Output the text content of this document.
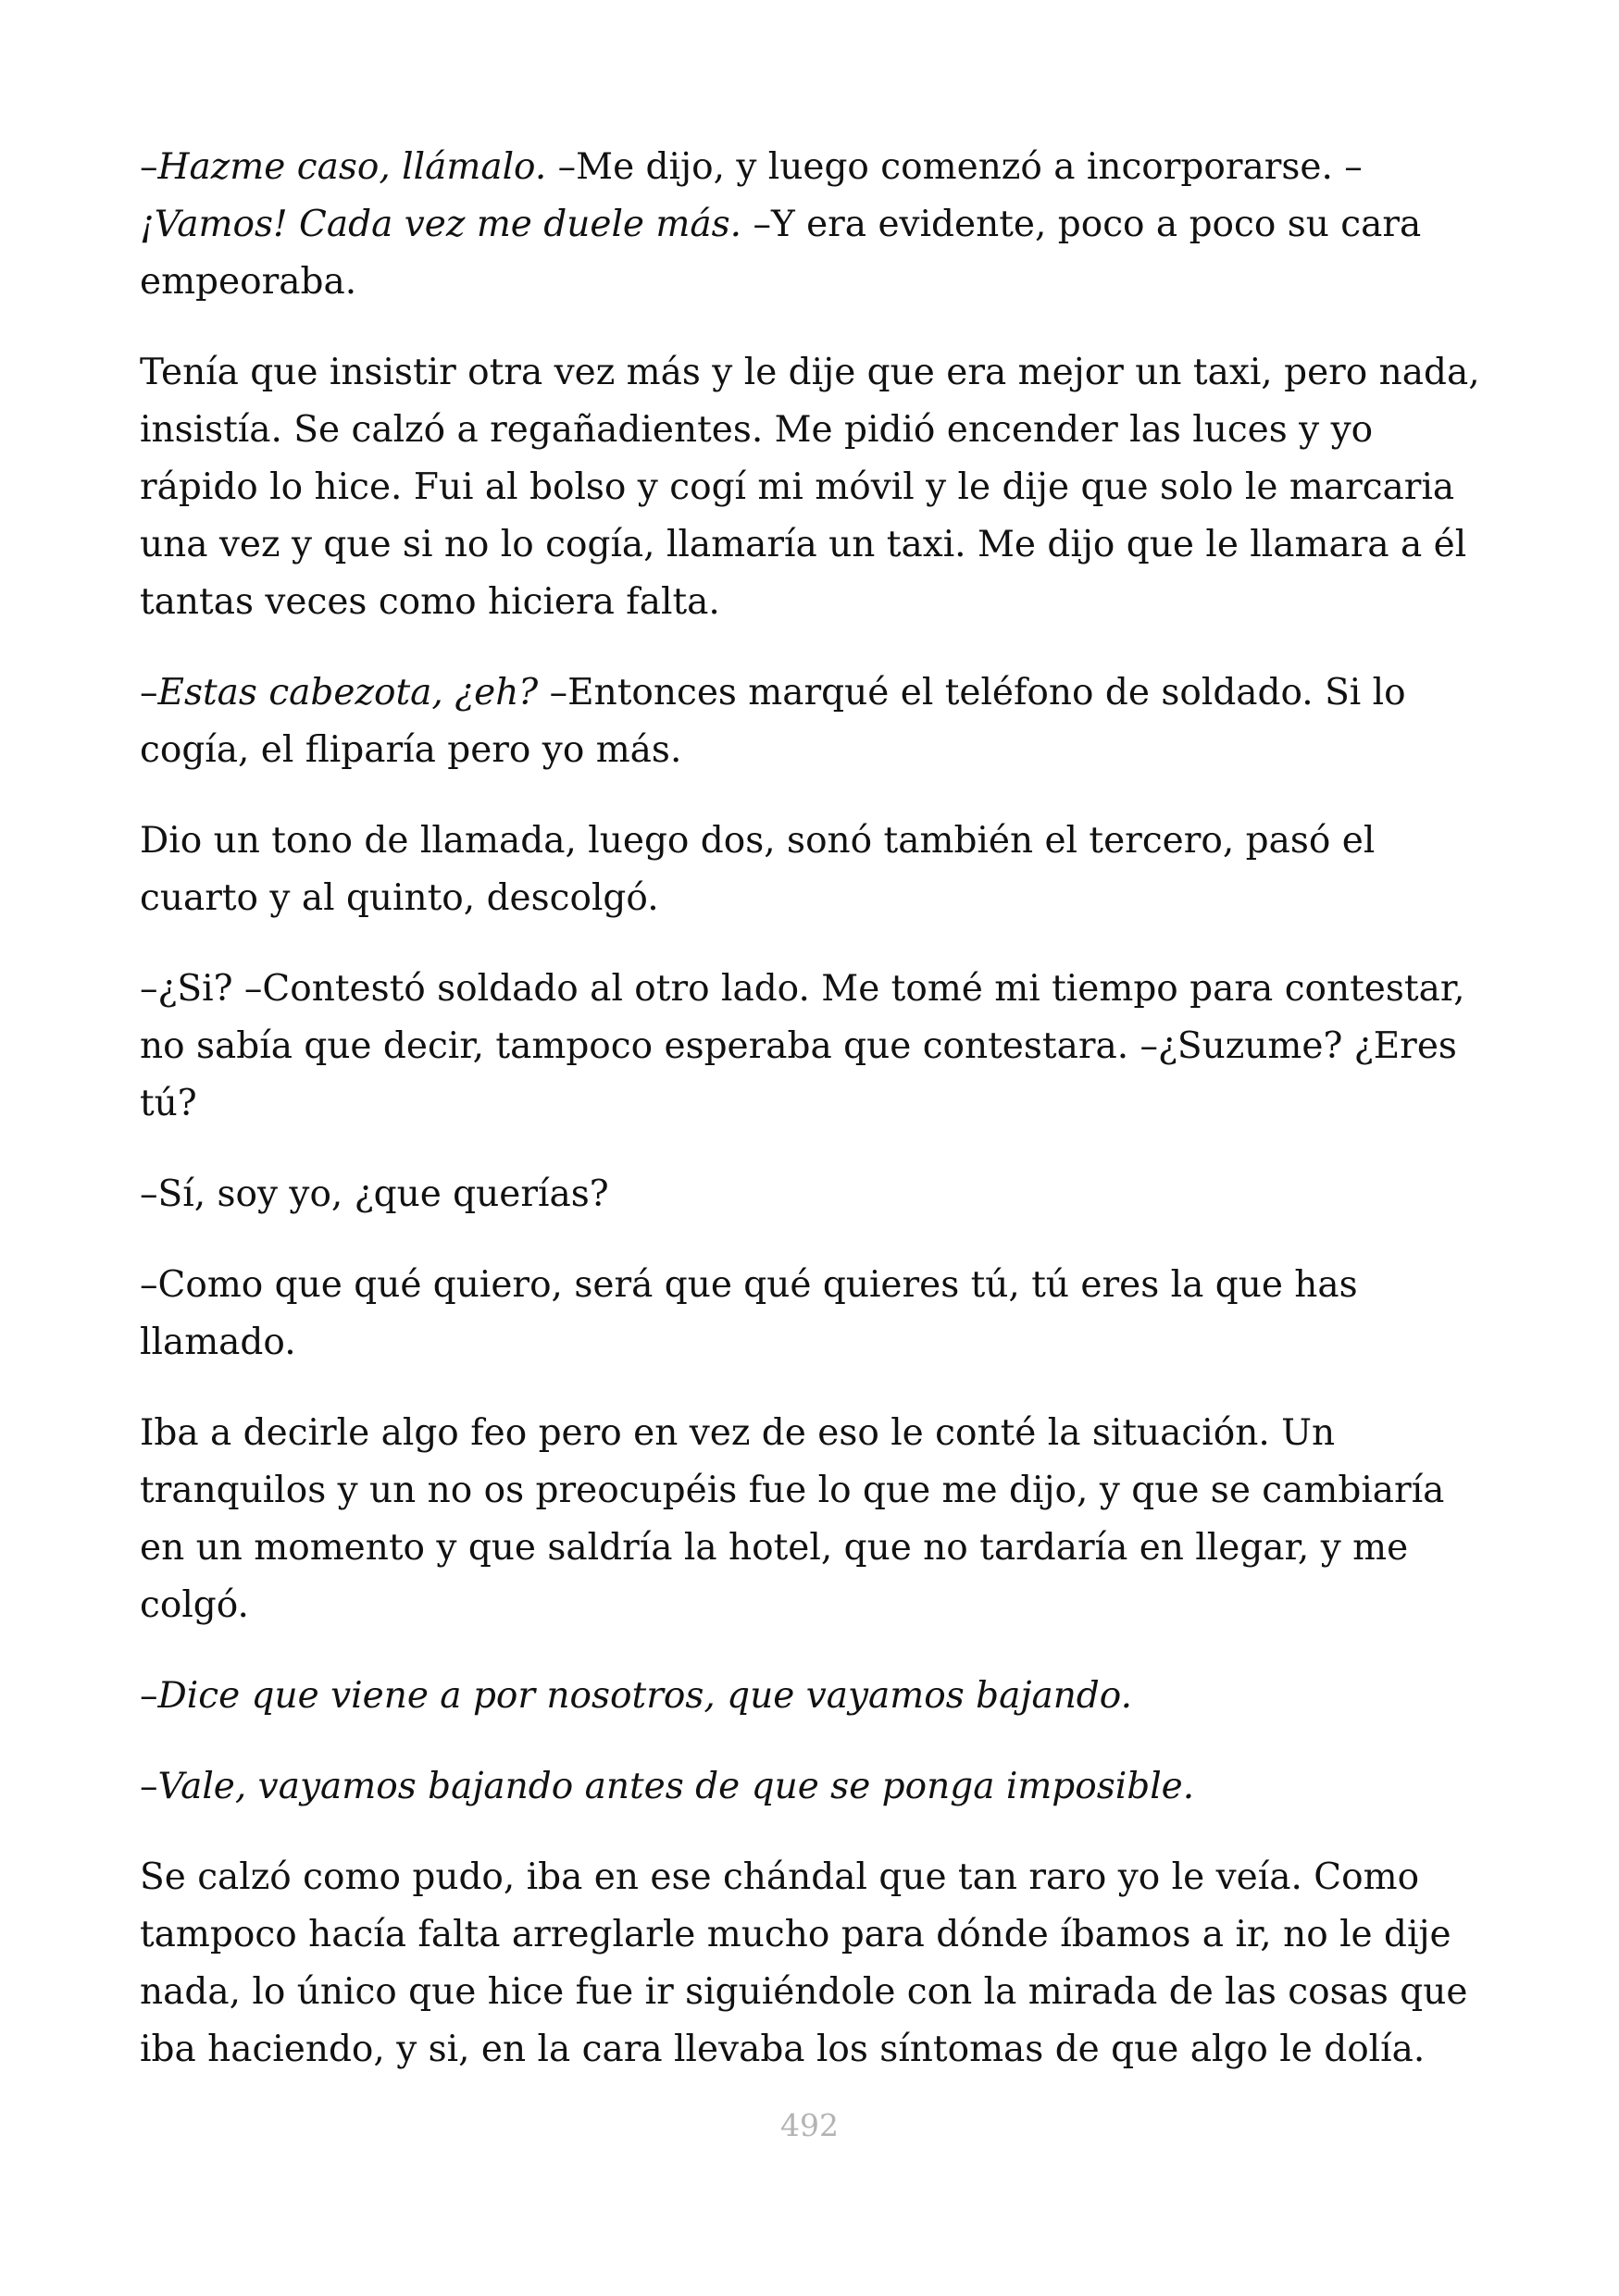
–Hazme caso, llámalo. –Me dijo, y luego comenzó a incorporarse. –¡Vamos! Cada vez me duele más. –Y era evidente, poco a poco su cara empeoraba.

Tenía que insistir otra vez más y le dije que era mejor un taxi, pero nada, insistía. Se calzó a regañadientes. Me pidió encender las luces y yo rápido lo hice. Fui al bolso y cogí mi móvil y le dije que solo le marcaria una vez y que si no lo cogía, llamaría un taxi. Me dijo que le llamara a él tantas veces como hiciera falta.

–Estas cabezota, ¿eh? –Entonces marqué el teléfono de soldado. Si lo cogía, el fliparía pero yo más.

Dio un tono de llamada, luego dos, sonó también el tercero, pasó el cuarto y al quinto, descolgó.

–¿Si? –Contestó soldado al otro lado. Me tomé mi tiempo para contestar, no sabía que decir, tampoco esperaba que contestara. –¿Suzume? ¿Eres tú?

–Sí, soy yo, ¿que querías?

–Como que qué quiero, será que qué quieres tú, tú eres la que has llamado.

Iba a decirle algo feo pero en vez de eso le conté la situación. Un tranquilos y un no os preocupéis fue lo que me dijo, y que se cambiaría en un momento y que saldría la hotel, que no tardaría en llegar, y me colgó.

–Dice que viene a por nosotros, que vayamos bajando.

–Vale, vayamos bajando antes de que se ponga imposible.

Se calzó como pudo, iba en ese chándal que tan raro yo le veía. Como tampoco hacía falta arreglarle mucho para dónde íbamos a ir, no le dije nada, lo único que hice fue ir siguiéndole con la mirada de las cosas que iba haciendo, y si, en la cara llevaba los síntomas de que algo le dolía.

492
